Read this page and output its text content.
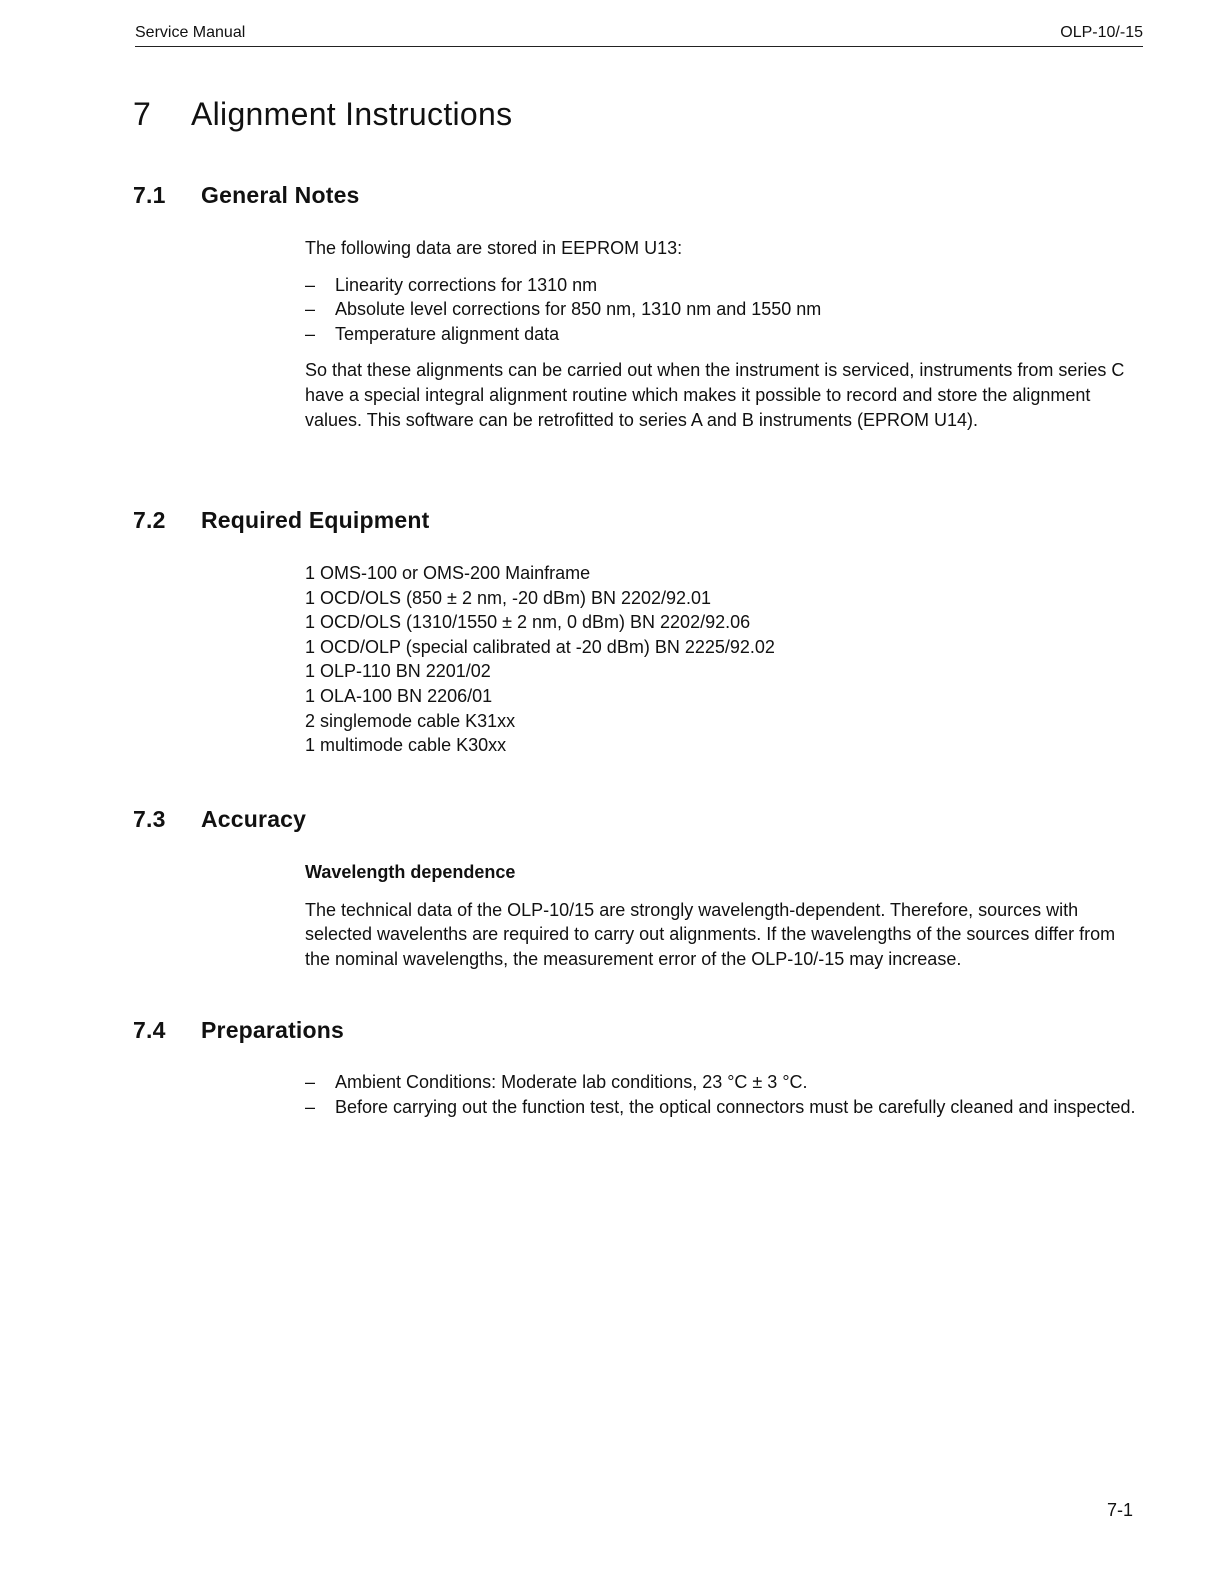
Service Manual	OLP-10/-15
7 Alignment Instructions
7.1 General Notes

The following data are stored in EEPROM U13:

– Linearity corrections for 1310 nm
– Absolute level corrections for 850 nm, 1310 nm and 1550 nm
– Temperature alignment data

So that these alignments can be carried out when the instrument is serviced, instruments from series C have a special integral alignment routine which makes it possible to record and store the alignment values. This software can be retrofitted to series A and B instruments (EPROM U14).

7.2 Required Equipment
1 OMS-100 or OMS-200 Mainframe
1 OCD/OLS (850 ± 2 nm, -20 dBm) BN 2202/92.01
1 OCD/OLS (1310/1550 ± 2 nm, 0 dBm) BN 2202/92.06
1 OCD/OLP (special calibrated at -20 dBm) BN 2225/92.02
1 OLP-110 BN 2201/02
1 OLA-100 BN 2206/01
2 singlemode cable K31xx
1 multimode cable K30xx
7.3 Accuracy

Wavelength dependence

The technical data of the OLP-10/15 are strongly wavelength-dependent. Therefore, sources with selected wavelenths are required to carry out alignments. If the wavelengths of the sources differ from the nominal wavelengths, the measurement error of the OLP-10/-15 may increase.

7.4 Preparations
– Ambient Conditions: Moderate lab conditions, 23 °C ± 3 °C.
– Before carrying out the function test, the optical connectors must be carefully cleaned and inspected.
7-1
